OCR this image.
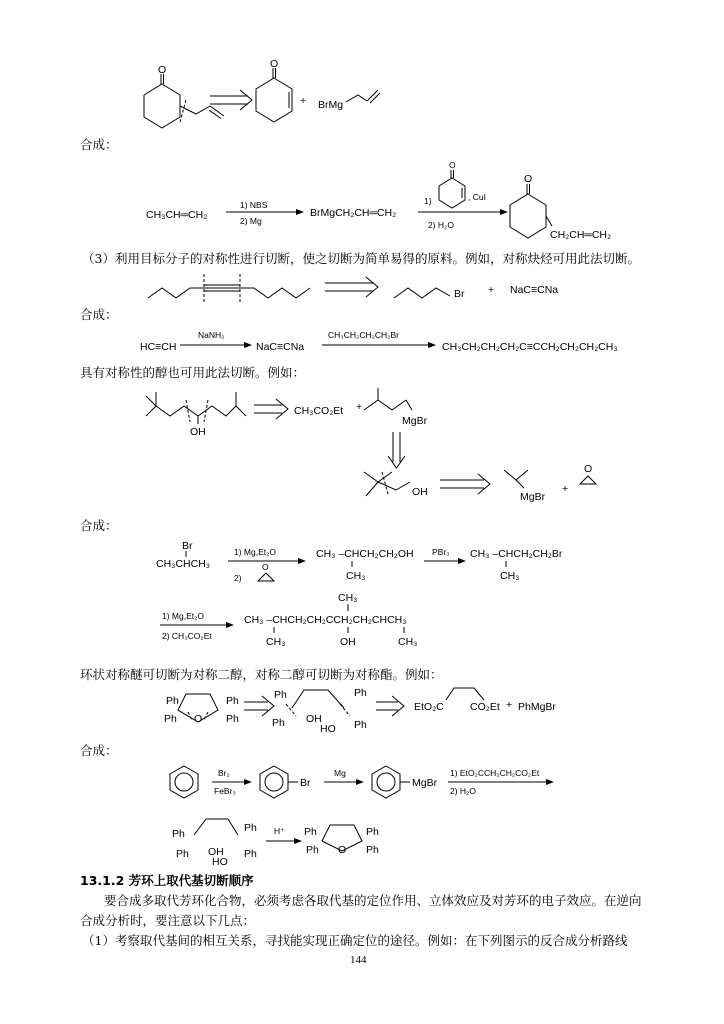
O	O
+ BrMg
合成：
CH₃CH═CH₂
1) NBS
2) Mg
BrMgCH₂CH═CH₂
O
1)	, CuI
2) H₂O
O
CH₂CH═CH₂
（3）利用目标分子的对称性进行切断，使之切断为简单易得的原料。例如，对称炔烃可用此法切断。
Br + NaC≡CNa
合成：
HC≡CH
NaNH₂
NaC≡CNa
CH₃CH₂CH₂CH₂Br
CH₃CH₂CH₂CH₂C≡CCH₂CH₂CH₂CH₃
具有对称性的醇也可用此法切断。例如：
OH
CH₃CO₂Et +
MgBr
OH	MgBr
+
O
合成：
Br
CH₃CHCH₃
1) Mg,Et₂O
2)
O
CH₃ –CHCH₂CH₂OH
CH₃
PBr₃ CH₃ –CHCH₂CH₂Br
CH₃
1) Mg,Et₂O
2) CH₃CO₂Et
CH₃
CH₃ –CHCH₂CH₂CCH₂CH₂CHCH₃
CH₃	OH	CH₃
环状对称醚可切断为对称二醇，对称二醇可切断为对称酯。例如：
O
Ph
Ph
Ph
Ph
Ph
Ph
Ph
Ph
OH
HO
EtO₂C	CO₂Et + PhMgBr
合成：
Br₂
FeBr₃
Br
Mg
MgBr
1) EtO₂CCH₂CH₂CO₂Et
2) H₂O
Ph
Ph
Ph
Ph
OH
HO
H⁺
O
Ph
Ph
Ph
Ph
13.1.2 芳环上取代基切断顺序
要合成多取代芳环化合物，必须考虑各取代基的定位作用、立体效应及对芳环的电子效应。在逆向
合成分析时，要注意以下几点：
（1）考察取代基间的相互关系，寻找能实现正确定位的途径。例如：在下列图示的反合成分析路线
144
